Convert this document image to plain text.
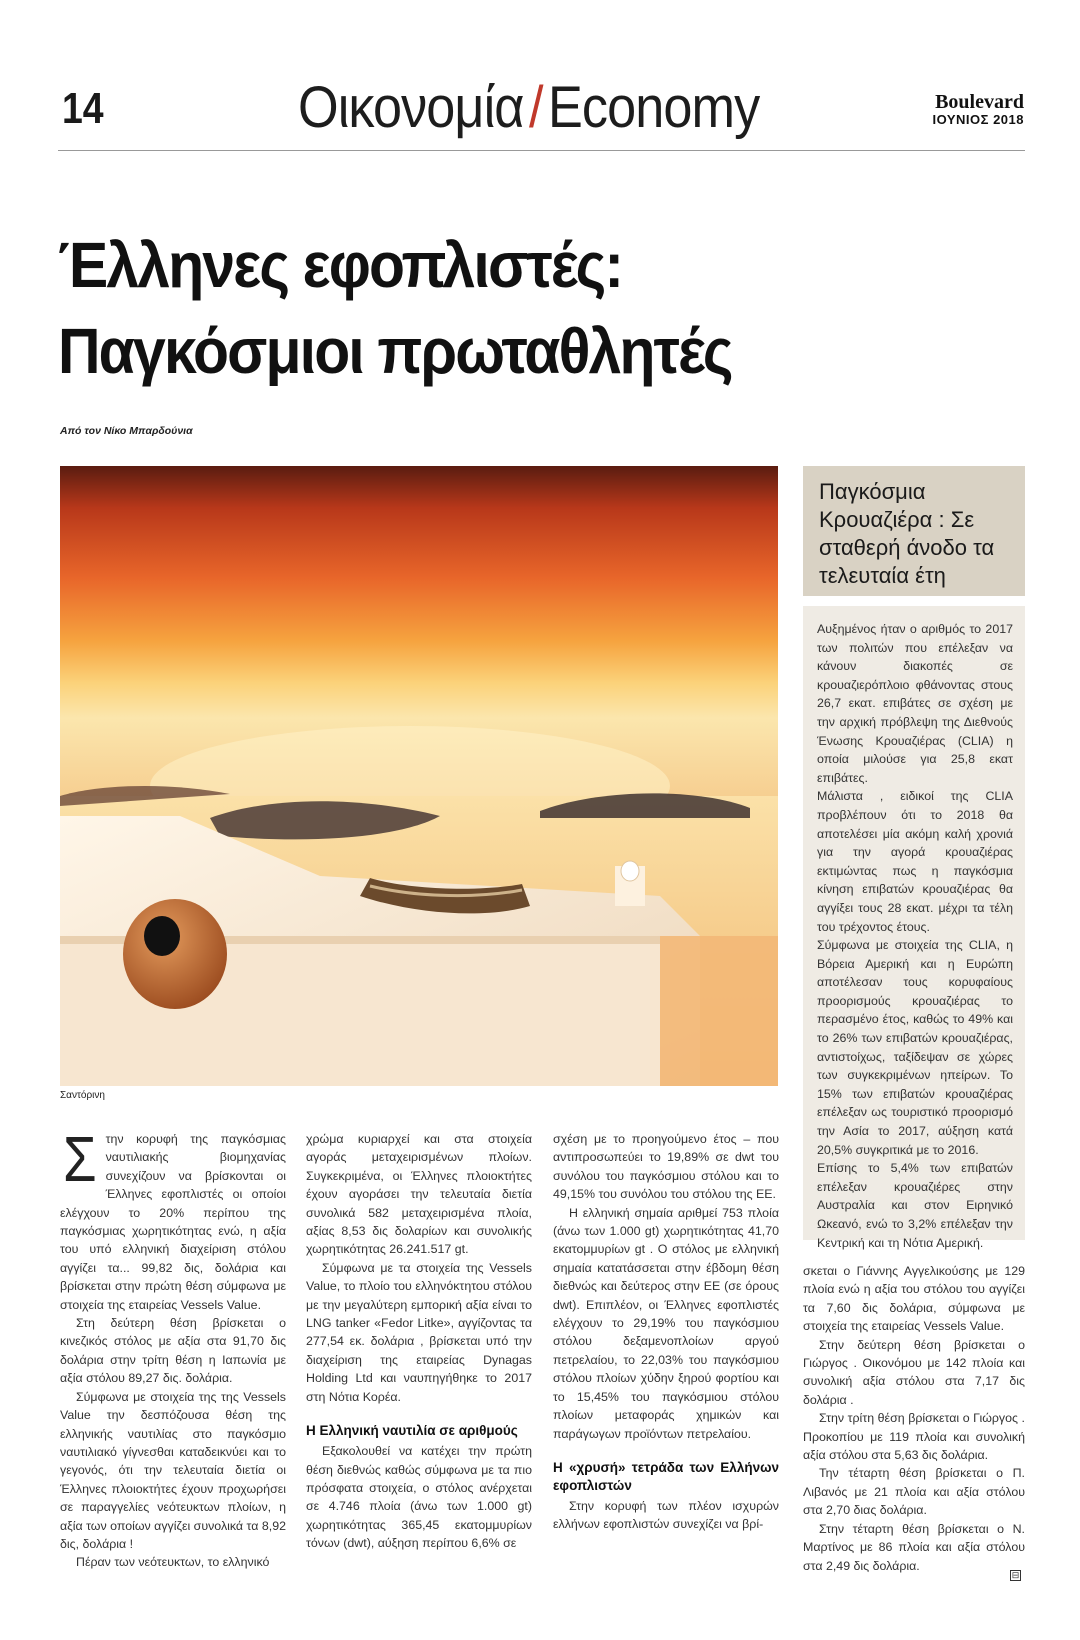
14	Οικονομία/Economy	Boulevard
ΙΟΥΝΙΟΣ 2018
Έλληνες εφοπλιστές:
Παγκόσμιοι πρωταθλητές
Από τον Νίκο Μπαρδούνια
Σαντόρινη
Παγκόσμια Κρουαζιέρα : Σε σταθερή άνοδο τα τελευταία έτη

Αυξημένος ήταν ο αριθμός το 2017 των πολιτών που επέλεξαν να κάνουν διακοπές σε κρουαζιερόπλοιο φθάνοντας στους 26,7 εκατ. επιβάτες σε σχέση με την αρχική πρόβλεψη της Διεθνούς Ένωσης Κρουαζιέρας (CLIA) η οποία μιλούσε για 25,8 εκατ επιβάτες.

Μάλιστα , ειδικοί της CLIA προβλέπουν ότι το 2018 θα αποτελέσει μία ακόμη καλή χρονιά για την αγορά κρουαζιέρας εκτιμώντας πως η παγκόσμια κίνηση επιβατών κρουαζιέρας θα αγγίξει τους 28 εκατ. μέχρι τα τέλη του τρέχοντος έτους.

Σύμφωνα με στοιχεία της CLIA, η Βόρεια Αμερική και η Ευρώπη αποτέλεσαν τους κορυφαίους προορισμούς κρουαζιέρας το περασμένο έτος, καθώς το 49% και το 26% των επιβατών κρουαζιέρας, αντιστοίχως, ταξίδεψαν σε χώρες των συγκεκριμένων ηπείρων. Το 15% των επιβατών κρουαζιέρας επέλεξαν ως τουριστικό προορισμό την Ασία το 2017, αύξηση κατά 20,5% συγκριτικά με το 2016.

Επίσης το 5,4% των επιβατών επέλεξαν κρουαζιέρες στην Αυστραλία και στον Ειρηνικό Ωκεανό, ενώ το 3,2% επέλεξαν την Κεντρική και τη Νότια Αμερική.

Σ την κορυφή της παγκόσμιας ναυτιλιακής βιομηχανίας συνεχίζουν να βρίσκονται οι Έλληνες εφοπλιστές οι οποίοι ελέγχουν το 20% περίπου της παγκόσμιας χωρητικότητας ενώ, η αξία του υπό ελληνική διαχείριση στόλου αγγίζει τα... 99,82 δις, δολάρια και βρίσκεται στην πρώτη θέση σύμφωνα με στοιχεία της εταιρείας Vessels Value.

Στη δεύτερη θέση βρίσκεται ο κινεζικός στόλος με αξία στα 91,70 δις δολάρια στην τρίτη θέση η Ιαπωνία με αξία στόλου 89,27 δις. δολάρια.

Σύμφωνα με στοιχεία της της Vessels Value την δεσπόζουσα θέση της ελληνικής ναυτιλίας στο παγκόσμιο ναυτιλιακό γίγνεσθαι καταδεικνύει και το γεγονός, ότι την τελευταία διετία οι Έλληνες πλοιοκτήτες έχουν προχωρήσει σε παραγγελίες νεότευκτων πλοίων, η αξία των οποίων αγγίζει συνολικά τα 8,92 δις, δολάρια !

Πέραν των νεότευκτων, το ελληνικό

χρώμα κυριαρχεί και στα στοιχεία αγοράς μεταχειρισμένων πλοίων. Συγκεκριμένα, οι Έλληνες πλοιοκτήτες έχουν αγοράσει την τελευταία διετία συνολικά 582 μεταχειρισμένα πλοία, αξίας 8,53 δις δολαρίων και συνολικής χωρητικότητας 26.241.517 gt.

Σύμφωνα με τα στοιχεία της Vessels Value, το πλοίο του ελληνόκτητου στόλου με την μεγαλύτερη εμπορική αξία είναι το LNG tanker «Fedor Litke», αγγίζοντας τα 277,54 εκ. δολάρια , βρίσκεται υπό την διαχείριση της εταιρείας Dynagas Holding Ltd και ναυπηγήθηκε το 2017 στη Νότια Κορέα.

Η Ελληνική ναυτιλία σε αριθμούς

Εξακολουθεί να κατέχει την πρώτη θέση διεθνώς καθώς σύμφωνα με τα πιο πρόσφατα στοιχεία, ο στόλος ανέρχεται σε 4.746 πλοία (άνω των 1.000 gt) χωρητικότητας 365,45 εκατομμυρίων τόνων (dwt), αύξηση περίπου 6,6% σε

σχέση με το προηγούμενο έτος – που αντιπροσωπεύει το 19,89% σε dwt του συνόλου του παγκόσμιου στόλου και το 49,15% του συνόλου του στόλου της ΕΕ.

Η ελληνική σημαία αριθμεί 753 πλοία (άνω των 1.000 gt) χωρητικότητας 41,70 εκατομμυρίων gt . Ο στόλος με ελληνική σημαία κατατάσσεται στην έβδομη θέση διεθνώς και δεύτερος στην ΕΕ (σε όρους dwt). Επιπλέον, οι Έλληνες εφοπλιστές ελέγχουν το 29,19% του παγκόσμιου στόλου δεξαμενοπλοίων αργού πετρελαίου, το 22,03% του παγκόσμιου στόλου πλοίων χύδην ξηρού φορτίου και το 15,45% του παγκόσμιου στόλου πλοίων μεταφοράς χημικών και παράγωγων προϊόντων πετρελαίου.

Η «χρυσή» τετράδα των Ελλήνων εφοπλιστών

Στην κορυφή των πλέον ισχυρών ελλήνων εφοπλιστών συνεχίζει να βρί-

σκεται ο Γιάννης Αγγελικούσης με 129 πλοία ενώ η αξία του στόλου του αγγίζει τα 7,60 δις δολάρια, σύμφωνα με στοιχεία της εταιρείας Vessels Value.

Στην δεύτερη θέση βρίσκεται ο Γιώργος . Οικονόμου με 142 πλοία και συνολική αξία στόλου στα 7,17 δις δολάρια .

Στην τρίτη θέση βρίσκεται ο Γιώργος . Προκοπίου με 119 πλοία και συνολική αξία στόλου στα 5,63 δις δολάρια.

Την τέταρτη θέση βρίσκεται ο Π. Λιβανός με 21 πλοία και αξία στόλου στα 2,70 διας δολάρια.

Στην τέταρτη θέση βρίσκεται ο Ν. Μαρτίνος με 86 πλοία και αξία στόλου στα 2,49 δις δολάρια.

⊟
